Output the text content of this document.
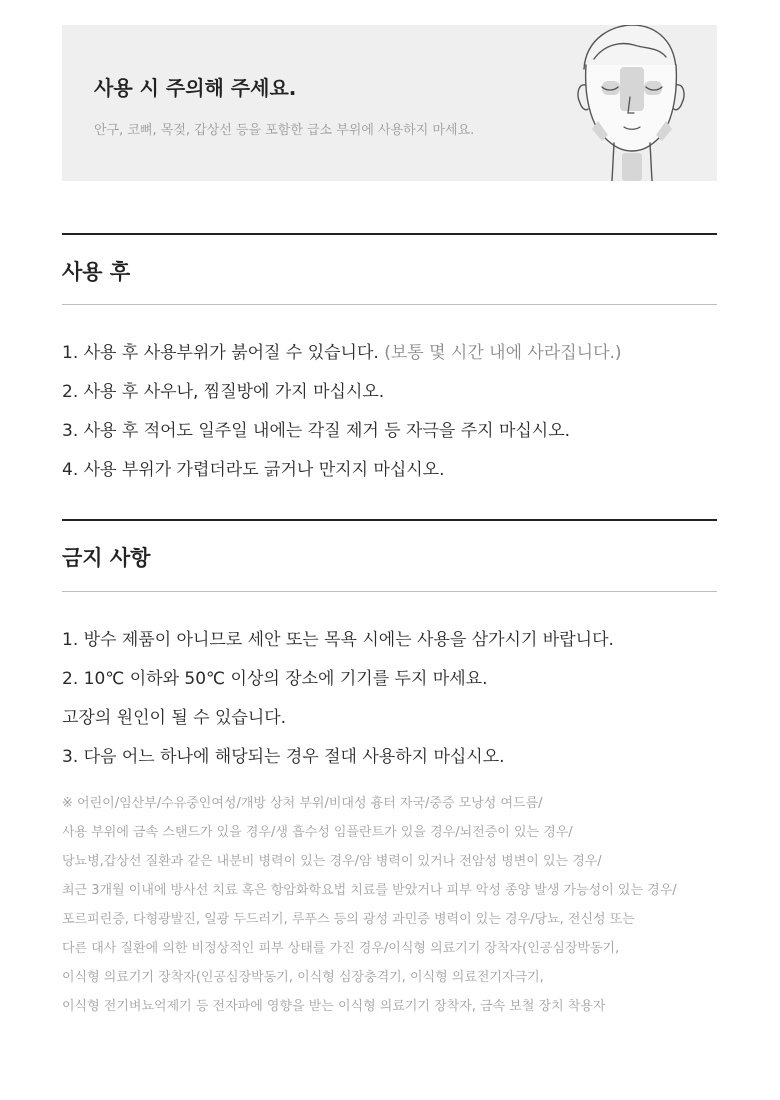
사용 시 주의해 주세요.

안구, 코뼈, 목젖, 갑상선 등을 포함한 급소 부위에 사용하지 마세요.

사용 후

1. 사용 후 사용부위가 붉어질 수 있습니다. (보통 몇 시간 내에 사라집니다.)

2. 사용 후 사우나, 찜질방에 가지 마십시오.

3. 사용 후 적어도 일주일 내에는 각질 제거 등 자극을 주지 마십시오.

4. 사용 부위가 가렵더라도 긁거나 만지지 마십시오.

금지 사항

1. 방수 제품이 아니므로 세안 또는 목욕 시에는 사용을 삼가시기 바랍니다.

2. 10℃ 이하와 50℃ 이상의 장소에 기기를 두지 마세요.

고장의 원인이 될 수 있습니다.

3. 다음 어느 하나에 해당되는 경우 절대 사용하지 마십시오.

※ 어린이/임산부/수유중인여성/개방 상처 부위/비대성 흉터 자국/중증 모낭성 여드름/

사용 부위에 금속 스탠드가 있을 경우/생 흡수성 임플란트가 있을 경우/뇌전증이 있는 경우/

당뇨병,갑상선 질환과 같은 내분비 병력이 있는 경우/암 병력이 있거나 전암성 병변이 있는 경우/

최근 3개월 이내에 방사선 치료 혹은 항암화학요법 치료를 받았거나 피부 악성 종양 발생 가능성이 있는 경우/

포르피린증, 다형광발진, 일광 두드러기, 루푸스 등의 광성 과민증 병력이 있는 경우/당뇨, 전신성 또는

다른 대사 질환에 의한 비정상적인 피부 상태를 가진 경우/이식형 의료기기 장착자(인공심장박동기,

이식형 의료기기 장착자(인공심장박동기, 이식형 심장충격기, 이식형 의료전기자극기,

이식형 전기벼뇨억제기 등 전자파에 영향을 받는 이식형 의료기기 장착자, 금속 보철 장치 착용자
